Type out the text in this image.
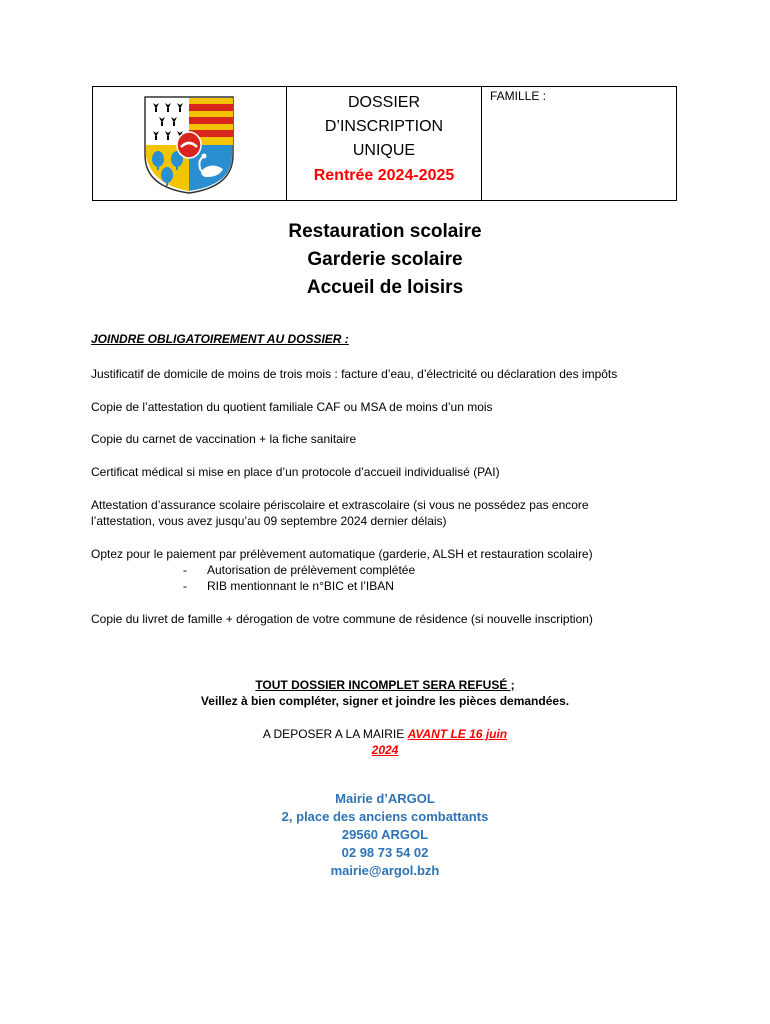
DOSSIER
D’INSCRIPTION
UNIQUE
Rentrée 2024-2025
FAMILLE :
Restauration scolaire
Garderie scolaire
Accueil de loisirs
JOINDRE OBLIGATOIREMENT AU DOSSIER :
Justificatif de domicile de moins de trois mois : facture d’eau, d’électricité ou déclaration des impôts
Copie de l’attestation du quotient familiale CAF ou MSA de moins d’un mois
Copie du carnet de vaccination + la fiche sanitaire
Certificat médical si mise en place d’un protocole d’accueil individualisé (PAI)
Attestation d’assurance scolaire périscolaire et extrascolaire (si vous ne possédez pas encore
l’attestation, vous avez jusqu’au 09 septembre 2024 dernier délais)
Optez pour le paiement par prélèvement automatique (garderie, ALSH et restauration scolaire)
- Autorisation de prélèvement complétée
- RIB mentionnant le n°BIC et l’IBAN
Copie du livret de famille + dérogation de votre commune de résidence (si nouvelle inscription)
TOUT DOSSIER INCOMPLET SERA REFUSÉ ;
Veillez à bien compléter, signer et joindre les pièces demandées.
A DEPOSER A LA MAIRIE AVANT LE 16 juin
2024
Mairie d’ARGOL
2, place des anciens combattants
29560 ARGOL
02 98 73 54 02
mairie@argol.bzh
